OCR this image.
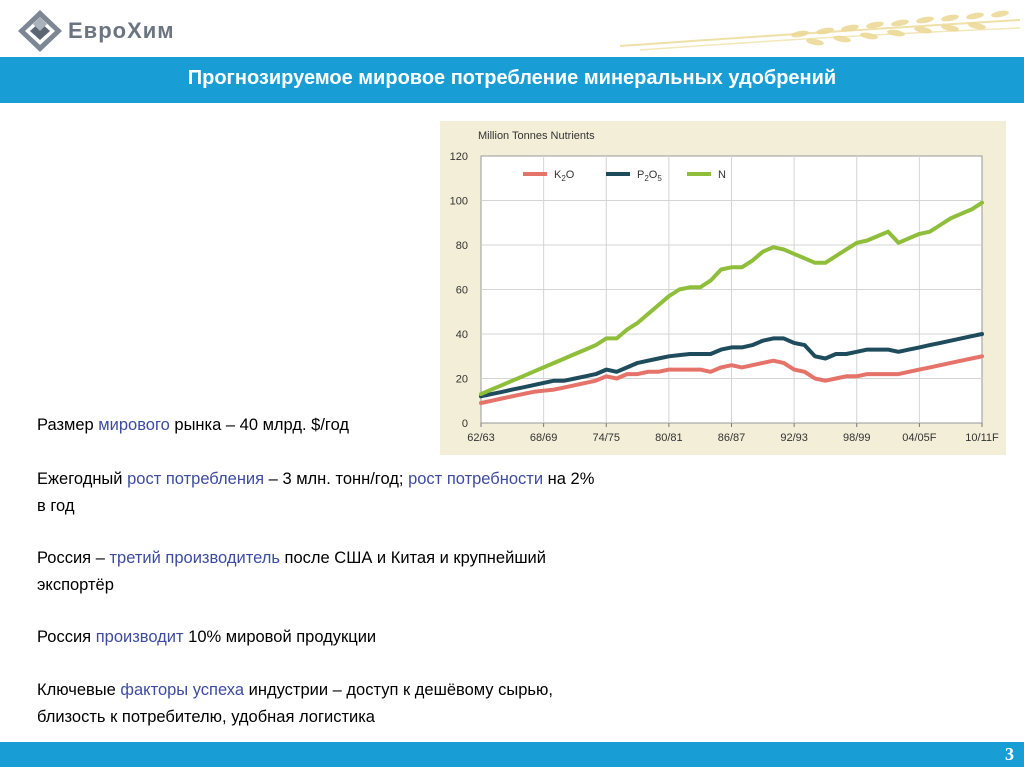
ЕвроХим
Прогнозируемое мировое потребление минеральных удобрений
0
20
40
60
80
100
120
62/63	68/69	74/75	80/81	86/87	92/93	98/99	04/05F	10/11F
Million Tonnes Nutrients
$K_2O$	$P_2O_5$	N
Размер мирового рынка – 40 млрд. $/год
Ежегодный рост потребления – 3 млн. тонн/год; рост потребности на 2% в год
Россия – третий производитель после США и Китая и крупнейший экспортёр
Россия производит 10% мировой продукции
Ключевые факторы успеха индустрии – доступ к дешёвому сырью, близость к потребителю, удобная логистика
3
